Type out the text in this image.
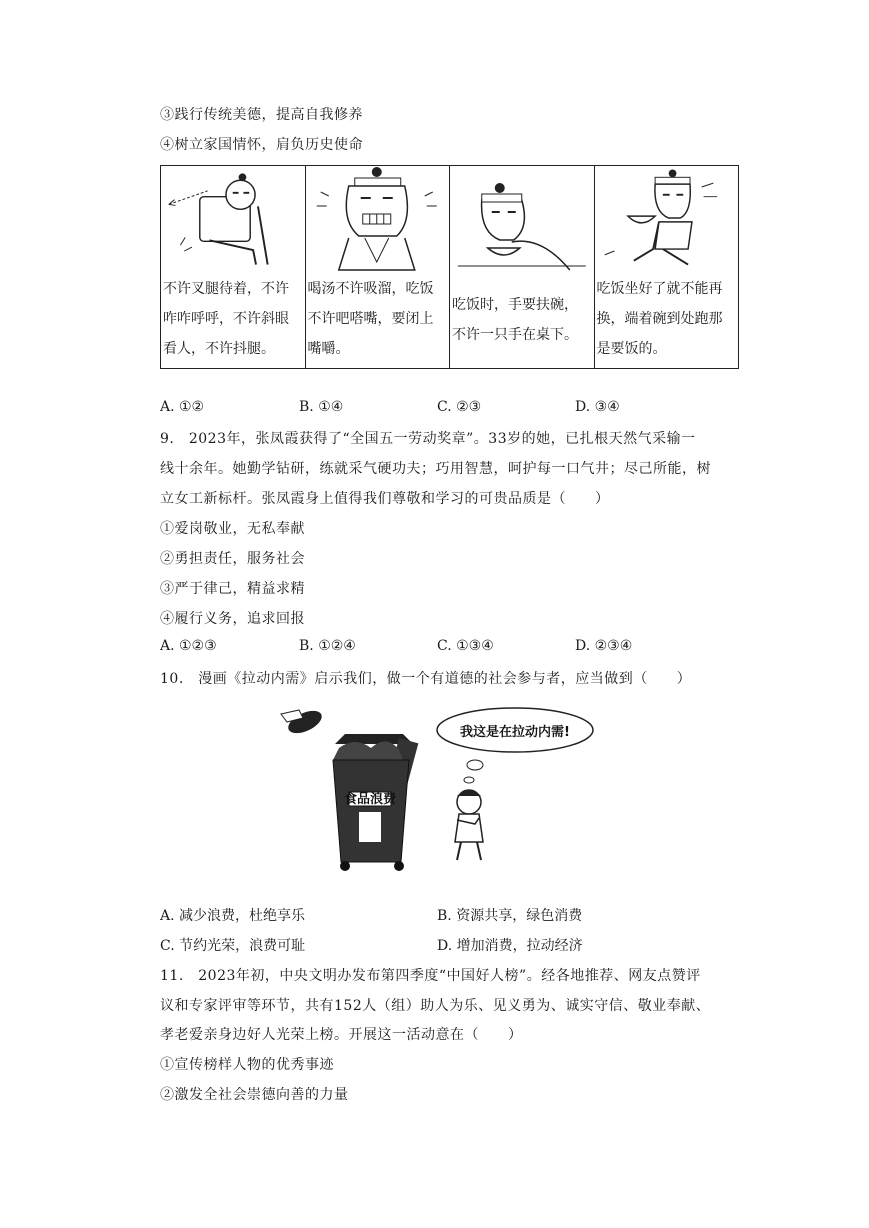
③践行传统美德，提高自我修养
④树立家国情怀，肩负历史使命
不许叉腿待着，不许咋咋呼呼，不许斜眼看人，不许抖腿。

喝汤不许吸溜，吃饭不许吧嗒嘴，要闭上嘴嚼。

吃饭时，手要扶碗，不许一只手在桌下。

吃饭坐好了就不能再换，端着碗到处跑那是要饭的。
A. ①②	B. ①④	C. ②③	D. ③④
9.　2023年，张凤霞获得了“全国五一劳动奖章”。33岁的她，已扎根天然气采输一
线十余年。她勤学钻研，练就采气硬功夫；巧用智慧，呵护每一口气井；尽己所能，树
立女工新标杆。张凤霞身上值得我们尊敬和学习的可贵品质是（　　）
①爱岗敬业，无私奉献
②勇担责任，服务社会
③严于律己，精益求精
④履行义务，追求回报
A. ①②③	B. ①②④	C. ①③④	D. ②③④
10.　漫画《拉动内需》启示我们，做一个有道德的社会参与者，应当做到（　　）
食品浪费
我这是在拉动内需!
A. 减少浪费，杜绝享乐	B. 资源共享，绿色消费
C. 节约光荣，浪费可耻	D. 增加消费，拉动经济
11.　2023年初，中央文明办发布第四季度“中国好人榜”。经各地推荐、网友点赞评
议和专家评审等环节，共有152人（组）助人为乐、见义勇为、诚实守信、敬业奉献、
孝老爱亲身边好人光荣上榜。开展这一活动意在（　　）
①宣传榜样人物的优秀事迹
②激发全社会崇德向善的力量
